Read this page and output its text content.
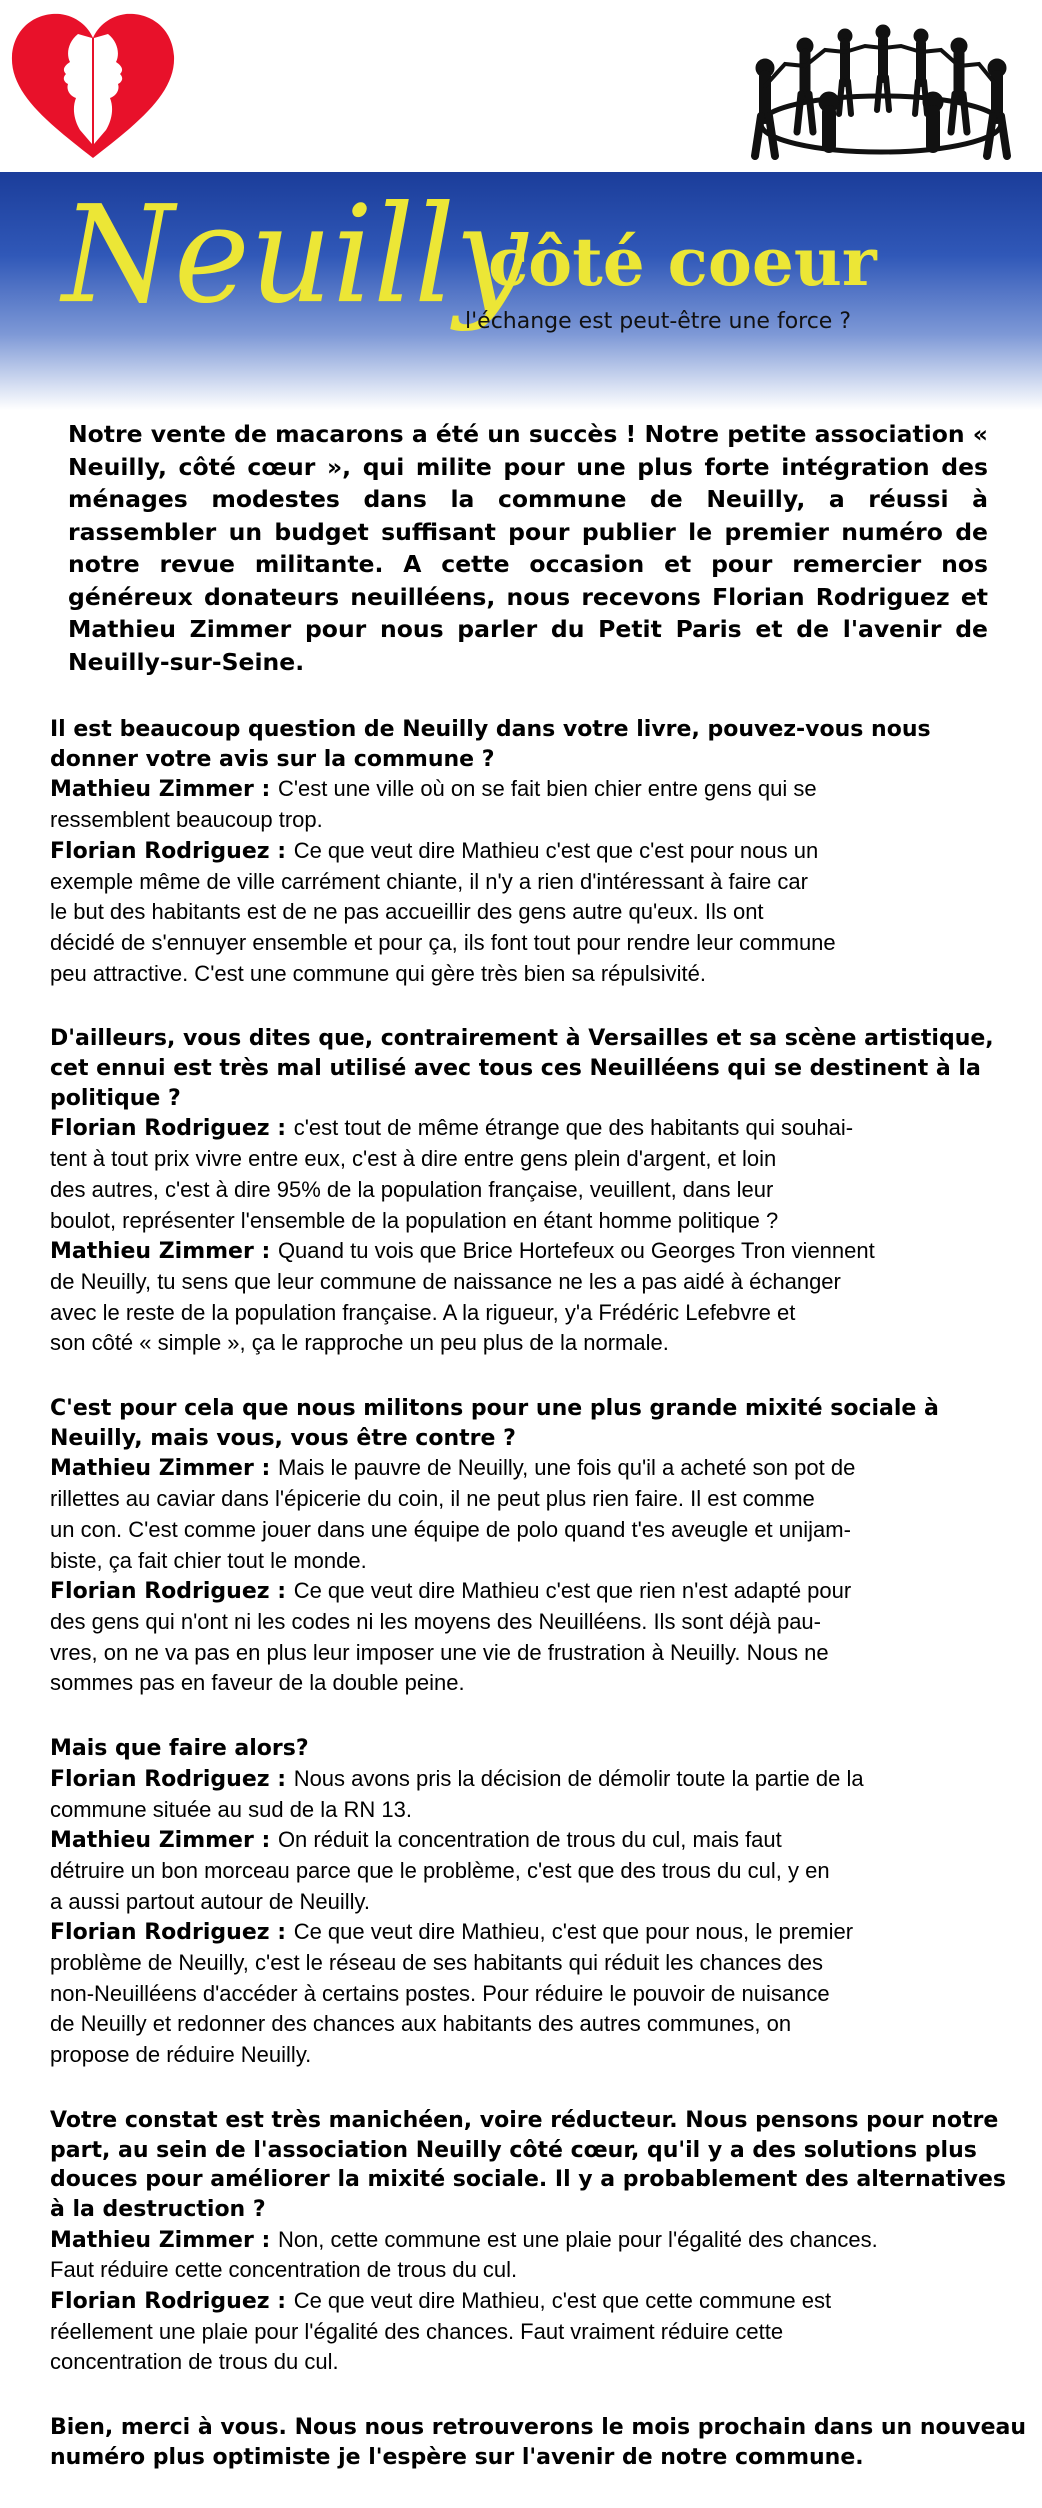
Neuilly
côté coeur
l'échange est peut-être une force ?
Notre vente de macarons a été un succès ! Notre petite association « Neuilly, côté cœur », qui milite pour une plus forte intégration des ménages modestes dans la commune de Neuilly, a réussi à rassembler un budget suffisant pour publier le premier numéro de notre revue militante. A cette occasion et pour remercier nos généreux donateurs neuilléens, nous recevons Florian Rodriguez et Mathieu Zimmer pour nous parler du Petit Paris et de l'avenir de Neuilly-sur-Seine.
Il est beaucoup question de Neuilly dans votre livre, pouvez-vous nous
donner votre avis sur la commune ?
Mathieu Zimmer : C'est une ville où on se fait bien chier entre gens qui se
ressemblent beaucoup trop.
Florian Rodriguez : Ce que veut dire Mathieu c'est que c'est pour nous un
exemple même de ville carrément chiante, il n'y a rien d'intéressant à faire car
le but des habitants est de ne pas accueillir des gens autre qu'eux. Ils ont
décidé de s'ennuyer ensemble et pour ça, ils font tout pour rendre leur commune
peu attractive. C'est une commune qui gère très bien sa répulsivité.
D'ailleurs, vous dites que, contrairement à Versailles et sa scène artistique,
cet ennui est très mal utilisé avec tous ces Neuilléens qui se destinent à la
politique ?
Florian Rodriguez : c'est tout de même étrange que des habitants qui souhai-
tent à tout prix vivre entre eux, c'est à dire entre gens plein d'argent, et loin
des autres, c'est à dire 95% de la population française, veuillent, dans leur
boulot, représenter l'ensemble de la population en étant homme politique ?
Mathieu Zimmer : Quand tu vois que Brice Hortefeux ou Georges Tron viennent
de Neuilly, tu sens que leur commune de naissance ne les a pas aidé à échanger
avec le reste de la population française. A la rigueur, y'a Frédéric Lefebvre et
son côté « simple », ça le rapproche un peu plus de la normale.
C'est pour cela que nous militons pour une plus grande mixité sociale à
Neuilly, mais vous, vous être contre ?
Mathieu Zimmer : Mais le pauvre de Neuilly, une fois qu'il a acheté son pot de
rillettes au caviar dans l'épicerie du coin, il ne peut plus rien faire. Il est comme
un con. C'est comme jouer dans une équipe de polo quand t'es aveugle et unijam-
biste, ça fait chier tout le monde.
Florian Rodriguez : Ce que veut dire Mathieu c'est que rien n'est adapté pour
des gens qui n'ont ni les codes ni les moyens des Neuilléens. Ils sont déjà pau-
vres, on ne va pas en plus leur imposer une vie de frustration à Neuilly. Nous ne
sommes pas en faveur de la double peine.
Mais que faire alors?
Florian Rodriguez : Nous avons pris la décision de démolir toute la partie de la
commune située au sud de la RN 13.
Mathieu Zimmer : On réduit la concentration de trous du cul, mais faut
détruire un bon morceau parce que le problème, c'est que des trous du cul, y en
a aussi partout autour de Neuilly.
Florian Rodriguez : Ce que veut dire Mathieu, c'est que pour nous, le premier
problème de Neuilly, c'est le réseau de ses habitants qui réduit les chances des
non-Neuilléens d'accéder à certains postes. Pour réduire le pouvoir de nuisance
de Neuilly et redonner des chances aux habitants des autres communes, on
propose de réduire Neuilly.
Votre constat est très manichéen, voire réducteur. Nous pensons pour notre
part, au sein de l'association Neuilly côté cœur, qu'il y a des solutions plus
douces pour améliorer la mixité sociale. Il y a probablement des alternatives
à la destruction ?
Mathieu Zimmer : Non, cette commune est une plaie pour l'égalité des chances.
Faut réduire cette concentration de trous du cul.
Florian Rodriguez : Ce que veut dire Mathieu, c'est que cette commune est
réellement une plaie pour l'égalité des chances. Faut vraiment réduire cette
concentration de trous du cul.
Bien, merci à vous. Nous nous retrouverons le mois prochain dans un nouveau
numéro plus optimiste je l'espère sur l'avenir de notre commune.
